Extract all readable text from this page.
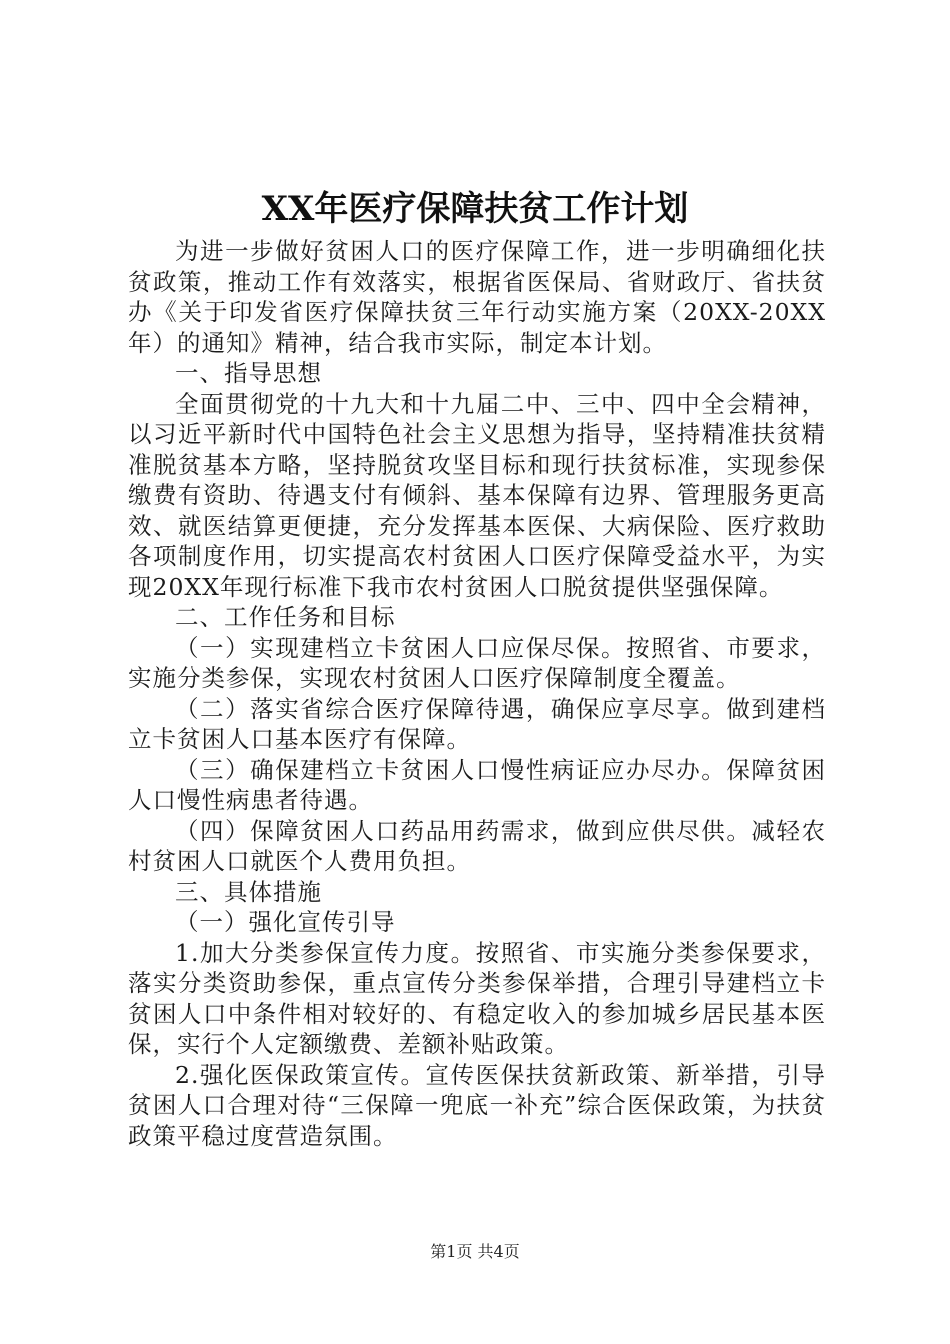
XX年医疗保障扶贫工作计划

为进一步做好贫困人口的医疗保障工作，进一步明确细化扶贫政策，推动工作有效落实，根据省医保局、省财政厅、省扶贫办《关于印发省医疗保障扶贫三年行动实施方案（20XX-20XX年）的通知》精神，结合我市实际，制定本计划。

一、指导思想

全面贯彻党的十九大和十九届二中、三中、四中全会精神，以习近平新时代中国特色社会主义思想为指导，坚持精准扶贫精准脱贫基本方略，坚持脱贫攻坚目标和现行扶贫标准，实现参保缴费有资助、待遇支付有倾斜、基本保障有边界、管理服务更高效、就医结算更便捷，充分发挥基本医保、大病保险、医疗救助各项制度作用，切实提高农村贫困人口医疗保障受益水平，为实现20XX年现行标准下我市农村贫困人口脱贫提供坚强保障。

二、工作任务和目标

（一）实现建档立卡贫困人口应保尽保。按照省、市要求，实施分类参保，实现农村贫困人口医疗保障制度全覆盖。

（二）落实省综合医疗保障待遇，确保应享尽享。做到建档立卡贫困人口基本医疗有保障。

（三）确保建档立卡贫困人口慢性病证应办尽办。保障贫困人口慢性病患者待遇。

（四）保障贫困人口药品用药需求，做到应供尽供。减轻农村贫困人口就医个人费用负担。

三、具体措施

（一）强化宣传引导

1.加大分类参保宣传力度。按照省、市实施分类参保要求，落实分类资助参保，重点宣传分类参保举措，合理引导建档立卡贫困人口中条件相对较好的、有稳定收入的参加城乡居民基本医保，实行个人定额缴费、差额补贴政策。

2.强化医保政策宣传。宣传医保扶贫新政策、新举措，引导贫困人口合理对待“三保障一兜底一补充”综合医保政策，为扶贫政策平稳过度营造氛围。

第1页 共4页
